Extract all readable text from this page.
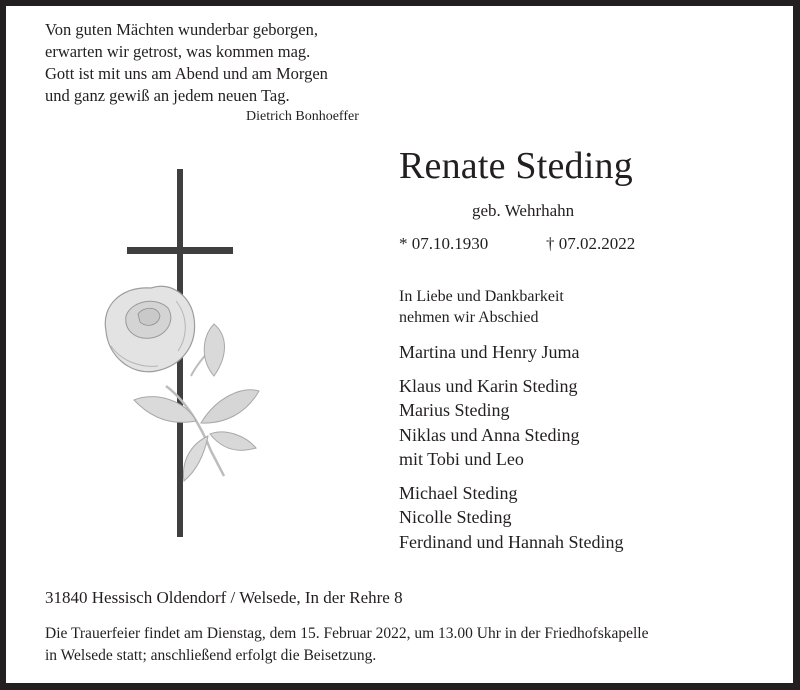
Von guten Mächten wunderbar geborgen,
erwarten wir getrost, was kommen mag.
Gott ist mit uns am Abend und am Morgen
und ganz gewiß an jedem neuen Tag.
Dietrich Bonhoeffer
Renate Steding
geb. Wehrhahn
* 07.10.1930	† 07.02.2022
In Liebe und Dankbarkeit
nehmen wir Abschied
Martina und Henry Juma
Klaus und Karin Steding
Marius Steding
Niklas und Anna Steding
mit Tobi und Leo
Michael Steding
Nicolle Steding
Ferdinand und Hannah Steding
31840 Hessisch Oldendorf / Welsede, In der Rehre 8
Die Trauerfeier findet am Dienstag, dem 15. Februar 2022, um 13.00 Uhr in der Friedhofskapelle
in Welsede statt; anschließend erfolgt die Beisetzung.
